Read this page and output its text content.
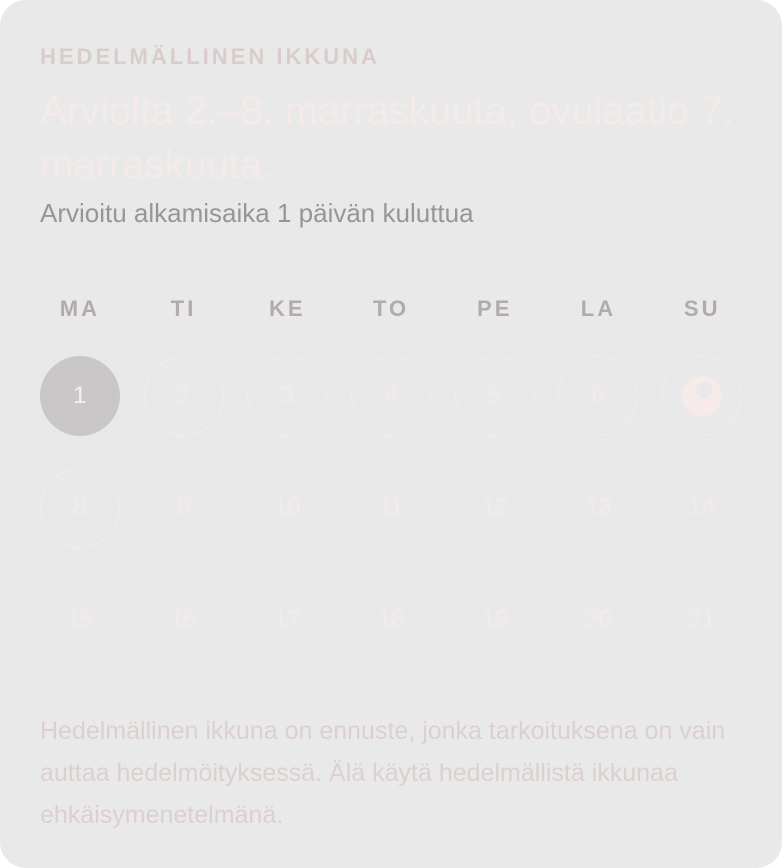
HEDELMÄLLINEN IKKUNA
Arviolta 2.–8. marraskuuta, ovulaatio 7. marraskuuta.
Arvioitu alkamisaika 1 päivän kuluttua
MA	TI	KE	TO	PE	LA	SU
1	2	3	4	5	6
8	9	10	11	12	13	14
15	16	17	18	19	20	21
Hedelmällinen ikkuna on ennuste, jonka tarkoituksena on vain auttaa hedelmöityksessä. Älä käytä hedelmällistä ikkunaa ehkäisymenetelmänä.
